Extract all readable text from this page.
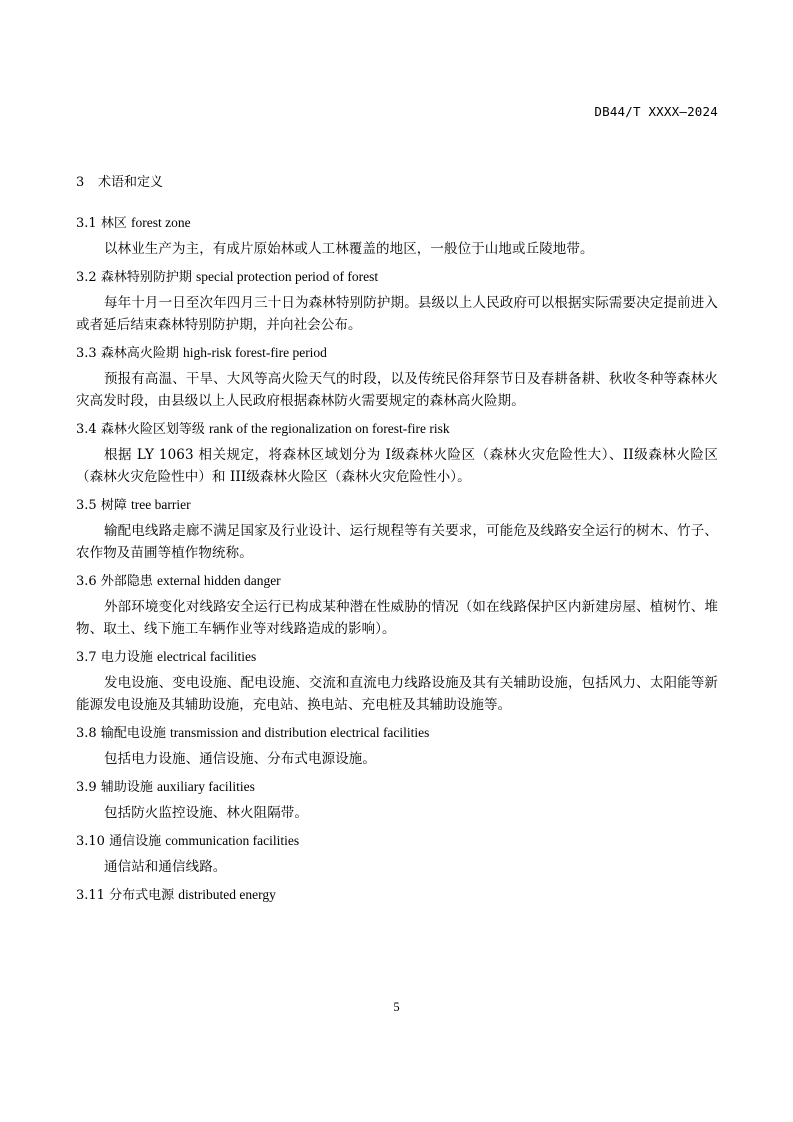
DB44/T XXXX—2024
3 术语和定义
3.1 林区 forest zone
以林业生产为主，有成片原始林或人工林覆盖的地区，一般位于山地或丘陵地带。
3.2 森林特别防护期 special protection period of forest
每年十月一日至次年四月三十日为森林特别防护期。县级以上人民政府可以根据实际需要决定提前进入或者延后结束森林特别防护期，并向社会公布。
3.3 森林高火险期 high-risk forest-fire period
预报有高温、干旱、大风等高火险天气的时段，以及传统民俗拜祭节日及春耕备耕、秋收冬种等森林火灾高发时段，由县级以上人民政府根据森林防火需要规定的森林高火险期。
3.4 森林火险区划等级 rank of the regionalization on forest-fire risk
根据 LY 1063 相关规定，将森林区域划分为 I级森林火险区（森林火灾危险性大）、II级森林火险区（森林火灾危险性中）和 III级森林火险区（森林火灾危险性小）。
3.5 树障 tree barrier
输配电线路走廊不满足国家及行业设计、运行规程等有关要求，可能危及线路安全运行的树木、竹子、农作物及苗圃等植作物统称。
3.6 外部隐患 external hidden danger
外部环境变化对线路安全运行已构成某种潜在性威胁的情况（如在线路保护区内新建房屋、植树竹、堆物、取土、线下施工车辆作业等对线路造成的影响）。
3.7 电力设施 electrical facilities
发电设施、变电设施、配电设施、交流和直流电力线路设施及其有关辅助设施，包括风力、太阳能等新能源发电设施及其辅助设施，充电站、换电站、充电桩及其辅助设施等。
3.8 输配电设施 transmission and distribution electrical facilities
包括电力设施、通信设施、分布式电源设施。
3.9 辅助设施 auxiliary facilities
包括防火监控设施、林火阻隔带。
3.10 通信设施 communication facilities
通信站和通信线路。
3.11 分布式电源 distributed energy
5
